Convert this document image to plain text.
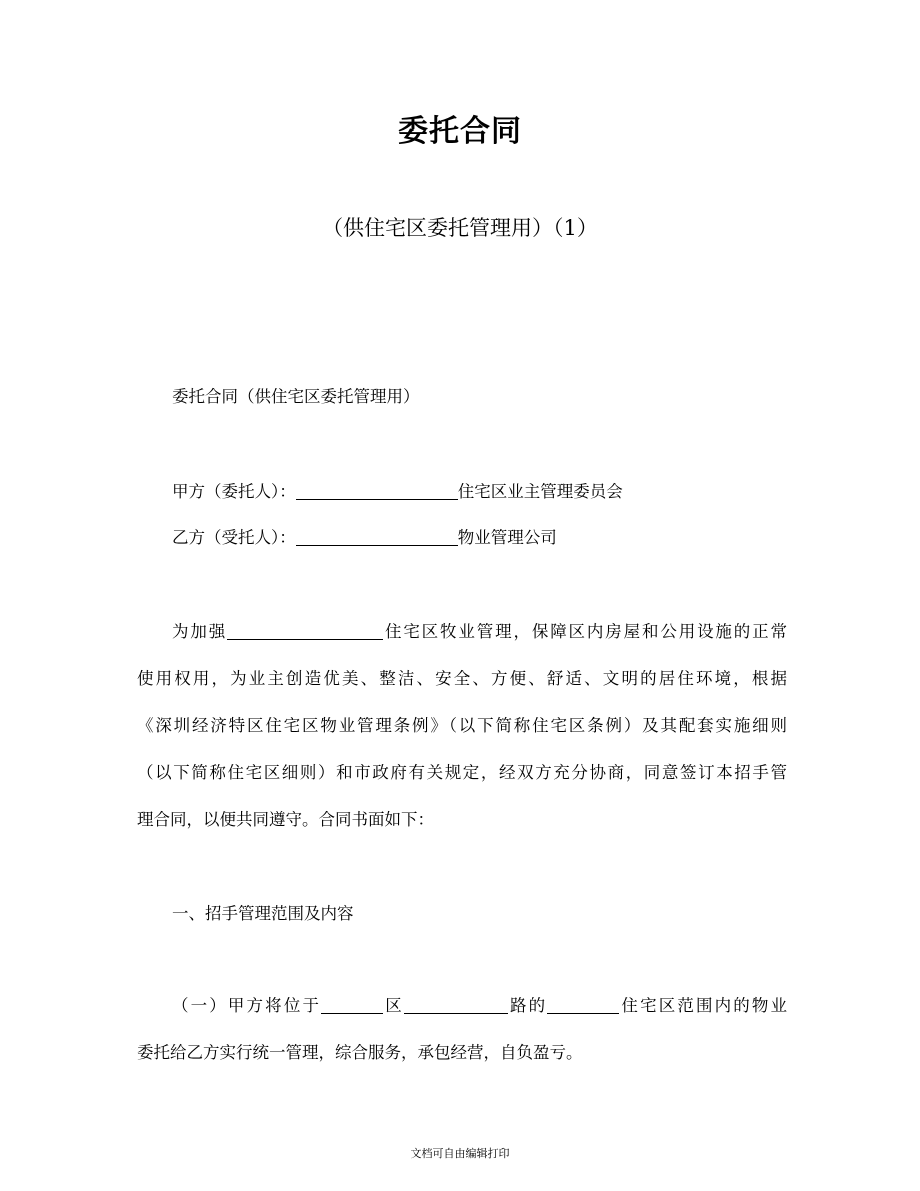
委托合同
（供住宅区委托管理用）（1）
委托合同（供住宅区委托管理用）
甲方（委托人）：	住宅区业主管理委员会
乙方（受托人）：	物业管理公司
为加强	住宅区牧业管理，保障区内房屋和公用设施的正常
使用权用，为业主创造优美、整洁、安全、方便、舒适、文明的居住环境，根据
《深圳经济特区住宅区物业管理条例》（以下简称住宅区条例）及其配套实施细则
（以下简称住宅区细则）和市政府有关规定，经双方充分协商，同意签订本招手管
理合同，以便共同遵守。合同书面如下：
一、招手管理范围及内容
（一）甲方将位于	区	路的	住宅区范围内的物业
委托给乙方实行统一管理，综合服务，承包经营，自负盈亏。
文档可自由编辑打印
